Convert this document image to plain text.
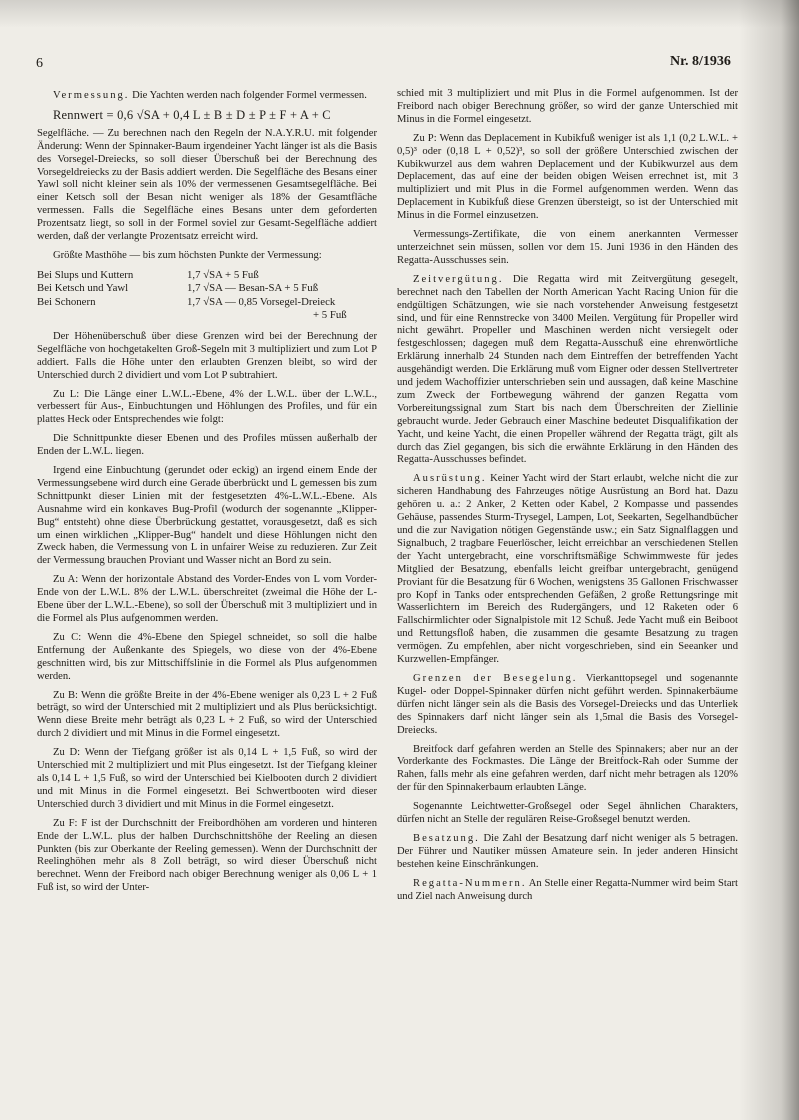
6	Nr. 8/1936

Vermessung. Die Yachten werden nach folgender Formel vermessen.

Rennwert = 0,6 √SA + 0,4 L ± B ± D ± P ± F + A + C

Segelfläche. — Zu berechnen nach den Regeln der N.A.Y.R.U. mit folgender Änderung: Wenn der Spinnaker-Baum irgendeiner Yacht länger ist als die Basis des Vorsegel-Dreiecks, so soll dieser Überschuß bei der Berechnung des Vorsegeldreiecks zu der Basis addiert werden. Die Segelfläche des Besans einer Yawl soll nicht kleiner sein als 10% der vermessenen Gesamtsegelfläche. Bei einer Ketsch soll der Besan nicht weniger als 18% der Gesamtfläche vermessen. Falls die Segelfläche eines Besans unter dem geforderten Prozentsatz liegt, so soll in der Formel soviel zur Gesamt-Segelfläche addiert werden, daß der verlangte Prozentsatz erreicht wird.

Größte Masthöhe — bis zum höchsten Punkte der Vermessung:

Bei Slups und Kuttern	1,7 √SA + 5 Fuß
Bei Ketsch und Yawl	1,7 √SA — Besan-SA + 5 Fuß
Bei Schonern	1,7 √SA — 0,85 Vorsegel-Dreieck
+ 5 Fuß

Der Höhenüberschuß über diese Grenzen wird bei der Berechnung der Segelfläche von hochgetakelten Groß-Segeln mit 3 multipliziert und zum Lot P addiert. Falls die Höhe unter den erlaubten Grenzen bleibt, so wird der Unterschied durch 2 dividiert und vom Lot P subtrahiert.

Zu L: Die Länge einer L.W.L.-Ebene, 4% der L.W.L. über der L.W.L., verbessert für Aus-, Einbuchtungen und Höhlungen des Profiles, und für ein plattes Heck oder Entsprechendes wie folgt:

Die Schnittpunkte dieser Ebenen und des Profiles müssen außerhalb der Enden der L.W.L. liegen.

Irgend eine Einbuchtung (gerundet oder eckig) an irgend einem Ende der Vermessungsebene wird durch eine Gerade überbrückt und L gemessen bis zum Schnittpunkt dieser Linien mit der festgesetzten 4%-L.W.L.-Ebene. Als Ausnahme wird ein konkaves Bug-Profil (wodurch der sogenannte „Klipper-Bug“ entsteht) ohne diese Überbrückung gestattet, vorausgesetzt, daß es sich um einen wirklichen „Klipper-Bug“ handelt und diese Höhlungen nicht den Zweck haben, die Vermessung von L in unfairer Weise zu reduzieren. Zur Zeit der Vermessung brauchen Proviant und Wasser nicht an Bord zu sein.

Zu A: Wenn der horizontale Abstand des Vorder-Endes von L vom Vorder-Ende von der L.W.L. 8% der L.W.L. überschreitet (zweimal die Höhe der L-Ebene über der L.W.L.-Ebene), so soll der Überschuß mit 3 multipliziert und in die Formel als Plus aufgenommen werden.

Zu C: Wenn die 4%-Ebene den Spiegel schneidet, so soll die halbe Entfernung der Außenkante des Spiegels, wo diese von der 4%-Ebene geschnitten wird, bis zur Mittschiffslinie in die Formel als Plus aufgenommen werden.

Zu B: Wenn die größte Breite in der 4%-Ebene weniger als 0,23 L + 2 Fuß beträgt, so wird der Unterschied mit 2 multipliziert und als Plus berücksichtigt. Wenn diese Breite mehr beträgt als 0,23 L + 2 Fuß, so wird der Unterschied durch 2 dividiert und mit Minus in die Formel eingesetzt.

Zu D: Wenn der Tiefgang größer ist als 0,14 L + 1,5 Fuß, so wird der Unterschied mit 2 multipliziert und mit Plus eingesetzt. Ist der Tiefgang kleiner als 0,14 L + 1,5 Fuß, so wird der Unterschied bei Kielbooten durch 2 dividiert und mit Minus in die Formel eingesetzt. Bei Schwertbooten wird dieser Unterschied durch 3 dividiert und mit Minus in die Formel eingesetzt.

Zu F: F ist der Durchschnitt der Freibordhöhen am vorderen und hinteren Ende der L.W.L. plus der halben Durchschnittshöhe der Reeling an diesen Punkten (bis zur Oberkante der Reeling gemessen). Wenn der Durchschnitt der Reelinghöhen mehr als 8 Zoll beträgt, so wird dieser Überschuß nicht berechnet. Wenn der Freibord nach obiger Berechnung weniger als 0,06 L + 1 Fuß ist, so wird der Unter-

schied mit 3 multipliziert und mit Plus in die Formel aufgenommen. Ist der Freibord nach obiger Berechnung größer, so wird der ganze Unterschied mit Minus in die Formel eingesetzt.

Zu P: Wenn das Deplacement in Kubikfuß weniger ist als 1,1 (0,2 L.W.L. + 0,5)³ oder (0,18 L + 0,52)³, so soll der größere Unterschied zwischen der Kubikwurzel aus dem wahren Deplacement und der Kubikwurzel aus dem Deplacement, das auf eine der beiden obigen Weisen errechnet ist, mit 3 multipliziert und mit Plus in die Formel aufgenommen werden. Wenn das Deplacement in Kubikfuß diese Grenzen übersteigt, so ist der Unterschied mit Minus in die Formel einzusetzen.

Vermessungs-Zertifikate, die von einem anerkannten Vermesser unterzeichnet sein müssen, sollen vor dem 15. Juni 1936 in den Händen des Regatta-Ausschusses sein.

Zeitvergütung. Die Regatta wird mit Zeitvergütung gesegelt, berechnet nach den Tabellen der North American Yacht Racing Union für die endgültigen Schätzungen, wie sie nach vorstehender Anweisung festgesetzt sind, und für eine Rennstrecke von 3400 Meilen. Vergütung für Propeller wird nicht gewährt. Propeller und Maschinen werden nicht versiegelt oder festgeschlossen; dagegen muß dem Regatta-Ausschuß eine ehrenwörtliche Erklärung innerhalb 24 Stunden nach dem Eintreffen der betreffenden Yacht ausgehändigt werden. Die Erklärung muß vom Eigner oder dessen Stellvertreter und jedem Wachoffizier unterschrieben sein und aussagen, daß keine Maschine zum Zweck der Fortbewegung während der ganzen Regatta vom Vorbereitungssignal zum Start bis nach dem Überschreiten der Ziellinie gebraucht wurde. Jeder Gebrauch einer Maschine bedeutet Disqualifikation der Yacht, und keine Yacht, die einen Propeller während der Regatta trägt, gilt als durch das Ziel gegangen, bis sich die erwähnte Erklärung in den Händen des Regatta-Ausschusses befindet.

Ausrüstung. Keiner Yacht wird der Start erlaubt, welche nicht die zur sicheren Handhabung des Fahrzeuges nötige Ausrüstung an Bord hat. Dazu gehören u. a.: 2 Anker, 2 Ketten oder Kabel, 2 Kompasse und passendes Gehäuse, passendes Sturm-Trysegel, Lampen, Lot, Seekarten, Segelhandbücher und die zur Navigation nötigen Gegenstände usw.; ein Satz Signalflaggen und Signalbuch, 2 tragbare Feuerlöscher, leicht erreichbar an verschiedenen Stellen der Yacht untergebracht, eine vorschriftsmäßige Schwimmweste für jedes Mitglied der Besatzung, ebenfalls leicht greifbar untergebracht, genügend Proviant für die Besatzung für 6 Wochen, wenigstens 35 Gallonen Frischwasser pro Kopf in Tanks oder entsprechenden Gefäßen, 2 große Rettungsringe mit Wasserlichtern im Bereich des Rudergängers, und 12 Raketen oder 6 Fallschirmlichter oder Signalpistole mit 12 Schuß. Jede Yacht muß ein Beiboot und Rettungsfloß haben, die zusammen die gesamte Besatzung zu tragen vermögen. Zu empfehlen, aber nicht vorgeschrieben, sind ein Seeanker und Kurzwellen-Empfänger.

Grenzen der Besegelung. Vierkanttopsegel und sogenannte Kugel- oder Doppel-Spinnaker dürfen nicht geführt werden. Spinnakerbäume dürfen nicht länger sein als die Basis des Vorsegel-Dreiecks und das Unterliek des Spinnakers darf nicht länger sein als 1,5mal die Basis des Vorsegel-Dreiecks.

Breitfock darf gefahren werden an Stelle des Spinnakers; aber nur an der Vorderkante des Fockmastes. Die Länge der Breitfock-Rah oder Summe der Rahen, falls mehr als eine gefahren werden, darf nicht mehr betragen als 120% der für den Spinnakerbaum erlaubten Länge.

Sogenannte Leichtwetter-Großsegel oder Segel ähnlichen Charakters, dürfen nicht an Stelle der regulären Reise-Großsegel benutzt werden.

Besatzung. Die Zahl der Besatzung darf nicht weniger als 5 betragen. Der Führer und Nautiker müssen Amateure sein. In jeder anderen Hinsicht bestehen keine Einschränkungen.

Regatta-Nummern. An Stelle einer Regatta-Nummer wird beim Start und Ziel nach Anweisung durch
